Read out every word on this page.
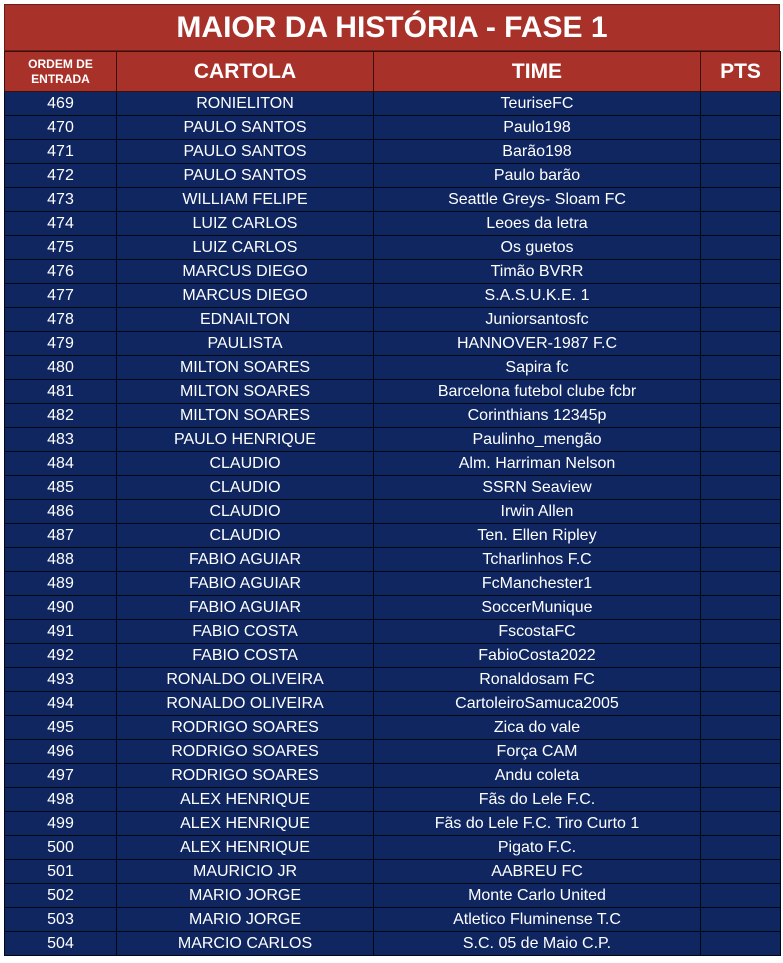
MAIOR DA HISTÓRIA - FASE 1
ORDEM DE
ENTRADA	CARTOLA	TIME	PTS
469	RONIELITON	TeuriseFC	
470	PAULO SANTOS	Paulo198	
471	PAULO SANTOS	Barão198	
472	PAULO SANTOS	Paulo barão	
473	WILLIAM FELIPE	Seattle Greys- Sloam FC	
474	LUIZ CARLOS	Leoes da letra	
475	LUIZ CARLOS	Os guetos	
476	MARCUS DIEGO	Timão BVRR	
477	MARCUS DIEGO	S.A.S.U.K.E. 1	
478	EDNAILTON	Juniorsantosfc	
479	PAULISTA	HANNOVER-1987 F.C	
480	MILTON SOARES	Sapira fc	
481	MILTON SOARES	Barcelona futebol clube fcbr	
482	MILTON SOARES	Corinthians 12345p	
483	PAULO HENRIQUE	Paulinho_mengão	
484	CLAUDIO	Alm. Harriman Nelson	
485	CLAUDIO	SSRN Seaview	
486	CLAUDIO	Irwin Allen	
487	CLAUDIO	Ten. Ellen Ripley	
488	FABIO AGUIAR	Tcharlinhos F.C	
489	FABIO AGUIAR	FcManchester1	
490	FABIO AGUIAR	SoccerMunique	
491	FABIO COSTA	FscostaFC	
492	FABIO COSTA	FabioCosta2022	
493	RONALDO OLIVEIRA	Ronaldosam FC	
494	RONALDO OLIVEIRA	CartoleiroSamuca2005	
495	RODRIGO SOARES	Zica do vale	
496	RODRIGO SOARES	Força CAM	
497	RODRIGO SOARES	Andu coleta	
498	ALEX HENRIQUE	Fãs do Lele F.C.	
499	ALEX HENRIQUE	Fãs do Lele F.C. Tiro Curto 1	
500	ALEX HENRIQUE	Pigato F.C.	
501	MAURICIO JR	AABREU FC	
502	MARIO JORGE	Monte Carlo United	
503	MARIO JORGE	Atletico Fluminense T.C	
504	MARCIO CARLOS	S.C. 05 de Maio C.P.	
